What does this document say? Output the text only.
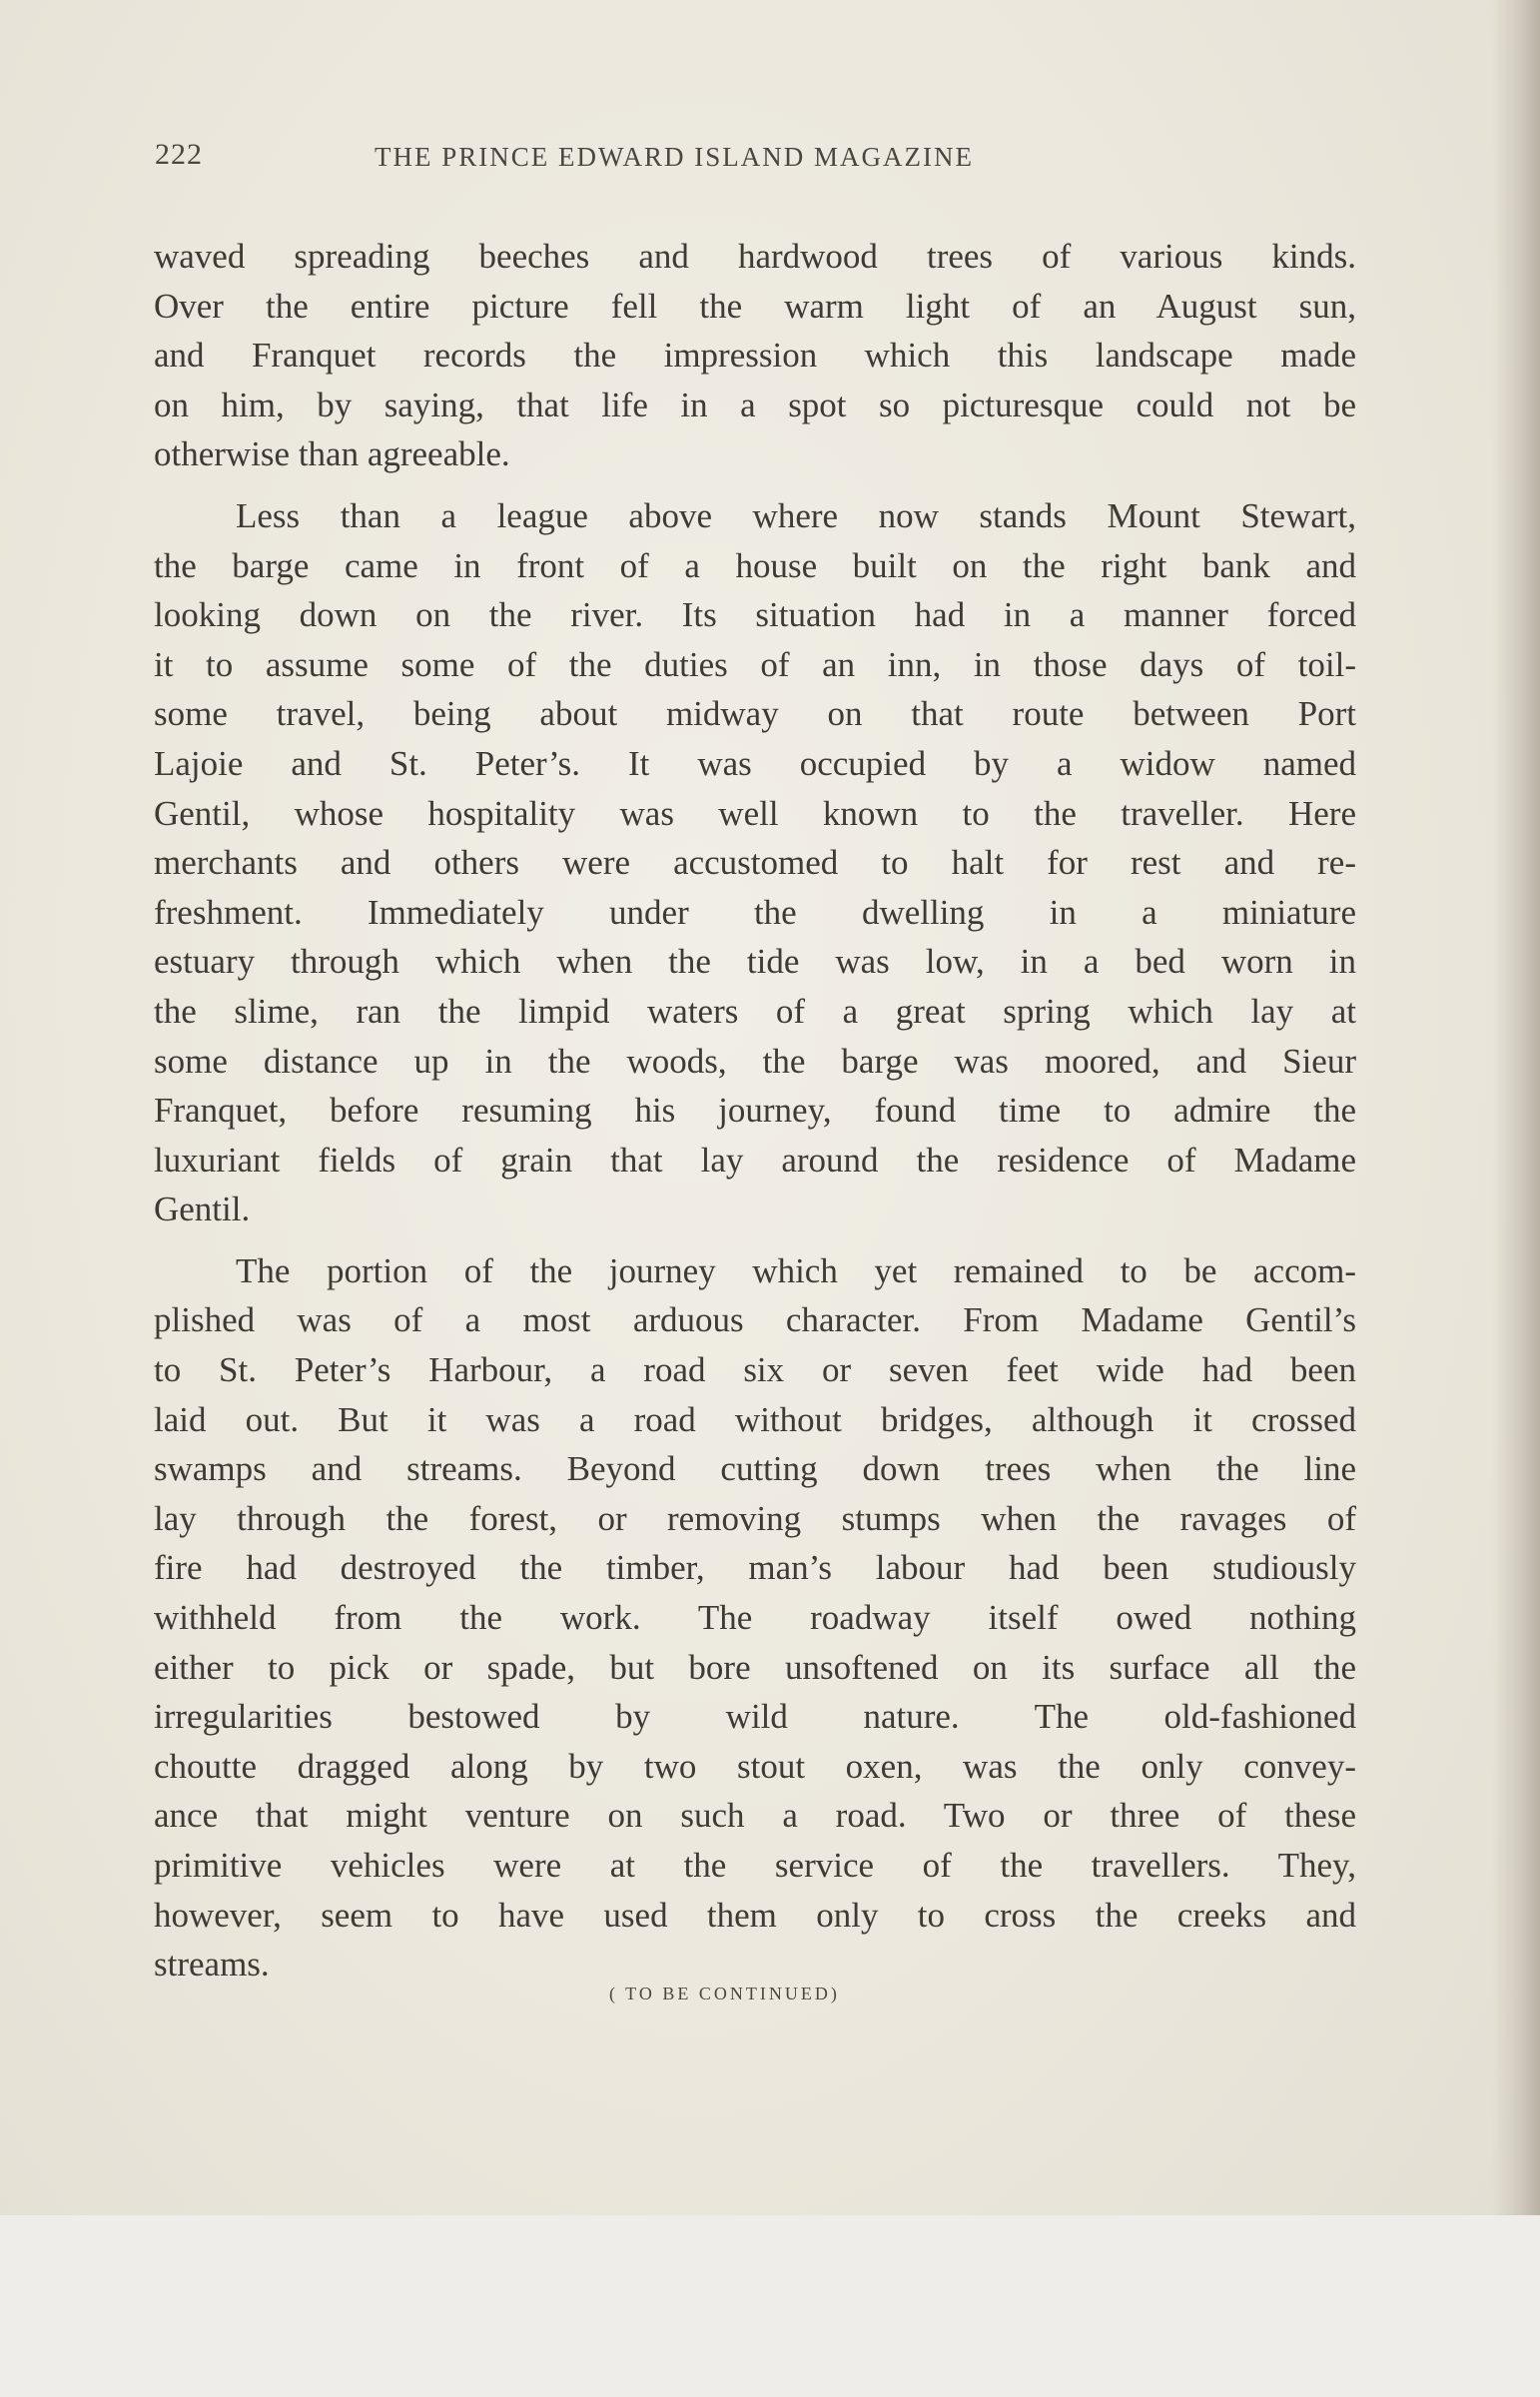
222	THE PRINCE EDWARD ISLAND MAGAZINE
waved spreading beeches and hardwood trees of various kinds.
Over the entire picture fell the warm light of an August sun,
and Franquet records the impression which this landscape made
on him, by saying, that life in a spot so picturesque could not be
otherwise than agreeable.
Less than a league above where now stands Mount Stewart,
the barge came in front of a house built on the right bank and
looking down on the river. Its situation had in a manner forced
it to assume some of the duties of an inn, in those days of toil-
some travel, being about midway on that route between Port
Lajoie and St. Peter’s. It was occupied by a widow named
Gentil, whose hospitality was well known to the traveller. Here
merchants and others were accustomed to halt for rest and re-
freshment. Immediately under the dwelling in a miniature
estuary through which when the tide was low, in a bed worn in
the slime, ran the limpid waters of a great spring which lay at
some distance up in the woods, the barge was moored, and Sieur
Franquet, before resuming his journey, found time to admire the
luxuriant fields of grain that lay around the residence of Madame
Gentil.
The portion of the journey which yet remained to be accom-
plished was of a most arduous character. From Madame Gentil’s
to St. Peter’s Harbour, a road six or seven feet wide had been
laid out. But it was a road without bridges, although it crossed
swamps and streams. Beyond cutting down trees when the line
lay through the forest, or removing stumps when the ravages of
fire had destroyed the timber, man’s labour had been studiously
withheld from the work. The roadway itself owed nothing
either to pick or spade, but bore unsoftened on its surface all the
irregularities bestowed by wild nature. The old-fashioned
choutte dragged along by two stout oxen, was the only convey-
ance that might venture on such a road. Two or three of these
primitive vehicles were at the service of the travellers. They,
however, seem to have used them only to cross the creeks and
streams.
( TO BE CONTINUED)
